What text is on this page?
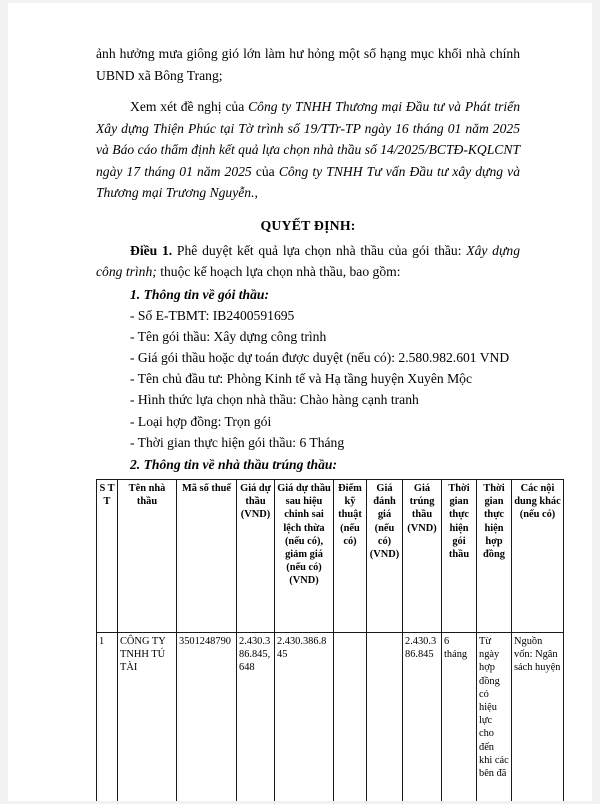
ảnh hưởng mưa giông gió lớn làm hư hỏng một số hạng mục khối nhà chính UBND xã Bông Trang;

Xem xét đề nghị của Công ty TNHH Thương mại Đầu tư và Phát triển Xây dựng Thiện Phúc tại Tờ trình số 19/TTr-TP ngày 16 tháng 01 năm 2025 và Báo cáo thẩm định kết quả lựa chọn nhà thầu số 14/2025/BCTĐ-KQLCNT ngày 17 tháng 01 năm 2025 của Công ty TNHH Tư vấn Đầu tư xây dựng và Thương mại Trương Nguyễn.,

QUYẾT ĐỊNH:

Điều 1. Phê duyệt kết quả lựa chọn nhà thầu của gói thầu: Xây dựng công trình; thuộc kế hoạch lựa chọn nhà thầu, bao gồm:

1. Thông tin về gói thầu:
- Số E-TBMT: IB2400591695
- Tên gói thầu: Xây dựng công trình
- Giá gói thầu hoặc dự toán được duyệt (nếu có): 2.580.982.601 VND
- Tên chủ đầu tư: Phòng Kinh tế và Hạ tầng huyện Xuyên Mộc
- Hình thức lựa chọn nhà thầu: Chào hàng cạnh tranh
- Loại hợp đồng: Trọn gói
- Thời gian thực hiện gói thầu: 6 Tháng
2. Thông tin về nhà thầu trúng thầu:
S T T	Tên nhà thầu	Mã số thuế	Giá dự thầu (VND)	Giá dự thầu sau hiệu chinh sai lệch thừa (nếu có), giảm giá (nếu có) (VND)	Điểm kỹ thuật (nếu có)	Giá đánh giá (nếu có) (VND)	Giá trúng thầu (VND)	Thời gian thực hiện gói thầu	Thời gian thực hiện hợp đồng	Các nội dung khác (nếu có)
1	CÔNG TY TNHH TÚ TÀI	3501248790	2.430.386.845,648	2.430.386.845			2.430.386.845	6 tháng	Từ ngày hợp đồng có hiệu lực cho đến khi các bên đã	Nguồn vốn: Ngân sách huyện
